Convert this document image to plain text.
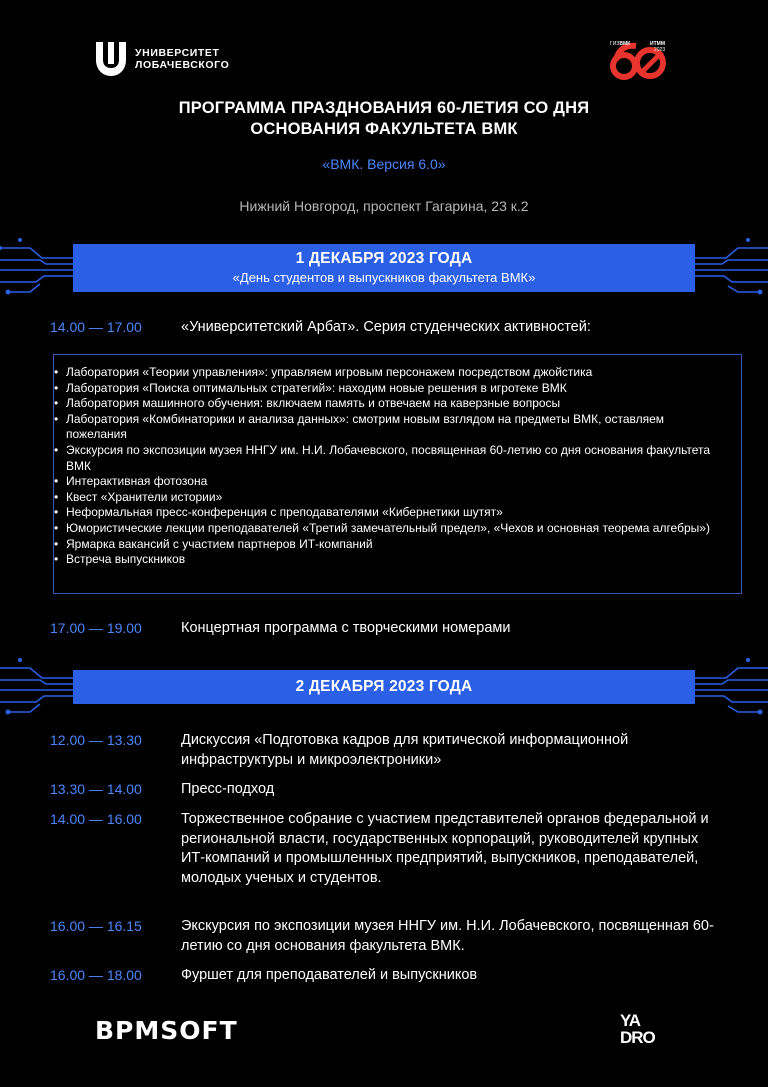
УНИВЕРСИТЕТ
ЛОБАЧЕВСКОГО
ГИЗВМК	ИТММ
2023
ПРОГРАММА ПРАЗДНОВАНИЯ 60-ЛЕТИЯ СО ДНЯ
ОСНОВАНИЯ ФАКУЛЬТЕТА ВМК
«ВМК. Версия 6.0»
Нижний Новгород, проспект Гагарина, 23 к.2
1 ДЕКАБРЯ 2023 ГОДА
«День студентов и выпускников факультета ВМК»
14.00 — 17.00	«Университетский Арбат». Серия студенческих активностей:
• Лаборатория «Теории управления»: управляем игровым персонажем посредством джойстика
• Лаборатория «Поиска оптимальных стратегий»: находим новые решения в игротеке ВМК
• Лаборатория машинного обучения: включаем память и отвечаем на каверзные вопросы
• Лаборатория «Комбинаторики и анализа данных»: смотрим новым взглядом на предметы ВМК, оставляем пожелания
• Экскурсия по экспозиции музея ННГУ им. Н.И. Лобачевского, посвященная 60-летию со дня основания факультета ВМК
• Интерактивная фотозона
• Квест «Хранители истории»
• Неформальная пресс-конференция с преподавателями «Кибернетики шутят»
• Юмористические лекции преподавателей «Третий замечательный предел», «Чехов и основная теорема алгебры»)
• Ярмарка вакансий с участием партнеров ИТ-компаний
• Встреча выпускников
17.00 — 19.00	Концертная программа с творческими номерами
2 ДЕКАБРЯ 2023 ГОДА
12.00 — 13.30	Дискуссия «Подготовка кадров для критической информационной инфраструктуры и микроэлектроники»
13.30 — 14.00	Пресс-подход
14.00 — 16.00	Торжественное собрание с участием представителей органов федеральной и региональной власти, государственных корпораций, руководителей крупных ИТ-компаний и промышленных предприятий, выпускников, преподавателей, молодых ученых и студентов.
16.00 — 16.15	Экскурсия по экспозиции музея ННГУ им. Н.И. Лобачевского, посвященная 60-летию со дня основания факультета ВМК.
16.00 — 18.00	Фуршет для преподавателей и выпускников
BPMSOFT	YA
DRO
